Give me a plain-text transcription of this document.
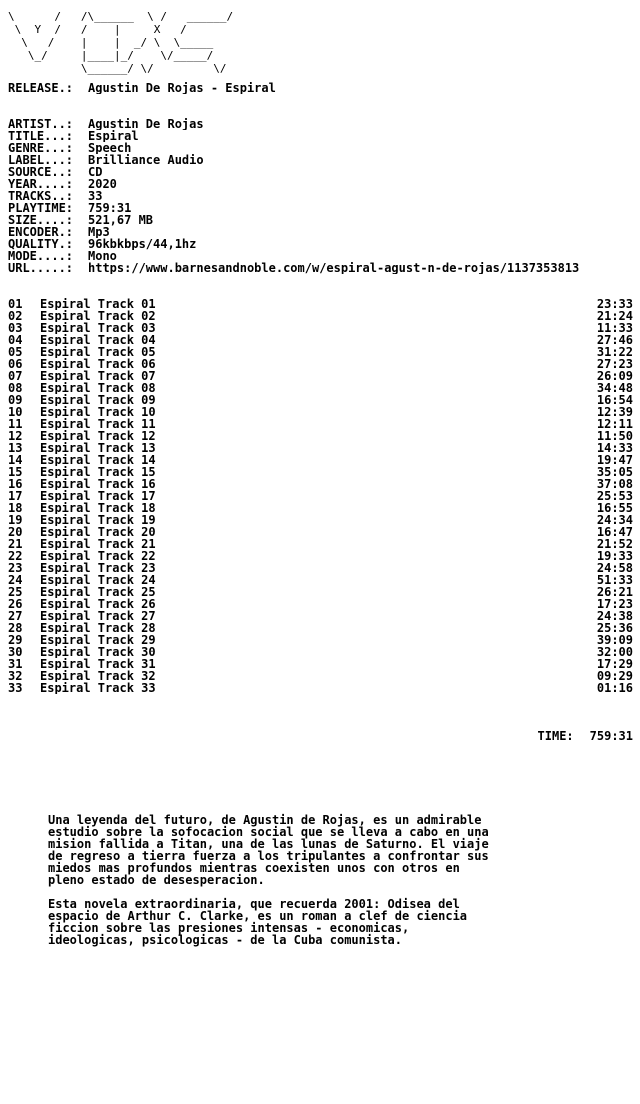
\      /   /\______  \ /   ______/
\  Y  /   /    |     X   /
\   /    |    |  _/ \  \_____
\_/     |____|_/    \/_____/
\______/ \/         \/
RELEASE.:	Agustin De Rojas - Espiral
ARTIST..:	Agustin De Rojas
TITLE...:	Espiral
GENRE...:	Speech
LABEL...:	Brilliance Audio
SOURCE..:	CD
YEAR....:	2020
TRACKS..:	33
PLAYTIME:	759:31
SIZE....:	521,67 MB
ENCODER.:	Mp3
QUALITY.:	96kbkbps/44,1hz
MODE....:	Mono
URL.....:	https://www.barnesandnoble.com/w/espiral-agust-n-de-rojas/1137353813
01	Espiral Track 01	23:33
02	Espiral Track 02	21:24
03	Espiral Track 03	11:33
04	Espiral Track 04	27:46
05	Espiral Track 05	31:22
06	Espiral Track 06	27:23
07	Espiral Track 07	26:09
08	Espiral Track 08	34:48
09	Espiral Track 09	16:54
10	Espiral Track 10	12:39
11	Espiral Track 11	12:11
12	Espiral Track 12	11:50
13	Espiral Track 13	14:33
14	Espiral Track 14	19:47
15	Espiral Track 15	35:05
16	Espiral Track 16	37:08
17	Espiral Track 17	25:53
18	Espiral Track 18	16:55
19	Espiral Track 19	24:34
20	Espiral Track 20	16:47
21	Espiral Track 21	21:52
22	Espiral Track 22	19:33
23	Espiral Track 23	24:58
24	Espiral Track 24	51:33
25	Espiral Track 25	26:21
26	Espiral Track 26	17:23
27	Espiral Track 27	24:38
28	Espiral Track 28	25:36
29	Espiral Track 29	39:09
30	Espiral Track 30	32:00
31	Espiral Track 31	17:29
32	Espiral Track 32	09:29
33	Espiral Track 33	01:16
TIME: 759:31

Una leyenda del futuro, de Agustin de Rojas, es un admirable estudio sobre la sofocacion social que se lleva a cabo en una mision fallida a Titan, una de las lunas de Saturno. El viaje de regreso a tierra fuerza a los tripulantes a confrontar sus miedos mas profundos mientras coexisten unos con otros en pleno estado de desesperacion.

Esta novela extraordinaria, que recuerda 2001: Odisea del espacio de Arthur C. Clarke, es un roman a clef de ciencia ficcion sobre las presiones intensas - economicas, ideologicas, psicologicas - de la Cuba comunista.
